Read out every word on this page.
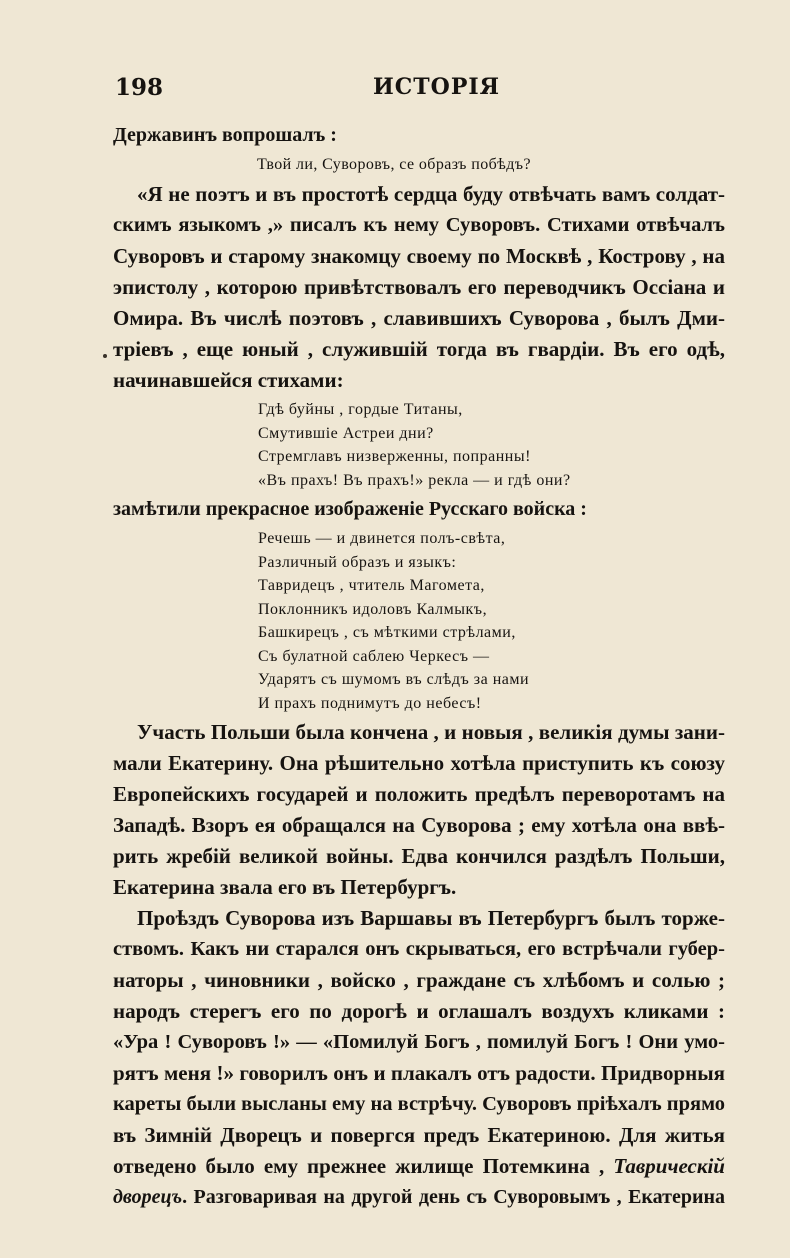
198	ИСТОРІЯ
Державинъ вопрошалъ :
Твой ли, Суворовъ, се образъ побѣдъ?
«Я не поэтъ и въ простотѣ сердца буду отвѣчать вамъ солдат-
скимъ языкомъ ,» писалъ къ нему Суворовъ. Стихами отвѣчалъ
Суворовъ и старому знакомцу своему по Москвѣ , Кострову , на
эпистолу , которою привѣтствовалъ его переводчикъ Оссіана и
Омира. Въ числѣ поэтовъ , славившихъ Суворова , былъ Дми-
тріевъ , еще юный , служившій тогда въ гвардіи. Въ его одѣ,
начинавшейся стихами:
Гдѣ буйны , гордые Титаны,
Смутившіе Астреи дни?
Стремглавъ низверженны, попранны!
«Въ прахъ! Въ прахъ!» рекла — и гдѣ они?
замѣтили прекрасное изображеніе Русскаго войска :
Речешь — и двинется полъ-свѣта,
Различный образъ и языкъ:
Тавридецъ , чтитель Магомета,
Поклонникъ идоловъ Калмыкъ,
Башкирецъ , съ мѣткими стрѣлами,
Съ булатной саблею Черкесъ —
Ударятъ съ шумомъ въ слѣдъ за нами
И прахъ поднимутъ до небесъ!
Участь Польши была кончена , и новыя , великія думы зани-
мали Екатерину. Она рѣшительно хотѣла приступить къ союзу
Европейскихъ государей и положить предѣлъ переворотамъ на
Западѣ. Взоръ ея обращался на Суворова ; ему хотѣла она ввѣ-
рить жребій великой войны. Едва кончился раздѣлъ Польши,
Екатерина звала его въ Петербургъ.
Проѣздъ Суворова изъ Варшавы въ Петербургъ былъ торже-
ствомъ. Какъ ни старался онъ скрываться, его встрѣчали губер-
наторы , чиновники , войско , граждане съ хлѣбомъ и солью ;
народъ стерегъ его по дорогѣ и оглашалъ воздухъ кликами :
«Ура ! Суворовъ !» — «Помилуй Богъ , помилуй Богъ ! Они умо-
рятъ меня !» говорилъ онъ и плакалъ отъ радости. Придворныя
кареты были высланы ему на встрѣчу. Суворовъ пріѣхалъ прямо
въ Зимній Дворецъ и повергся предъ Екатериною. Для житья
отведено было ему прежнее жилище Потемкина , Таврическій
дворецъ. Разговаривая на другой день съ Суворовымъ , Екатерина
